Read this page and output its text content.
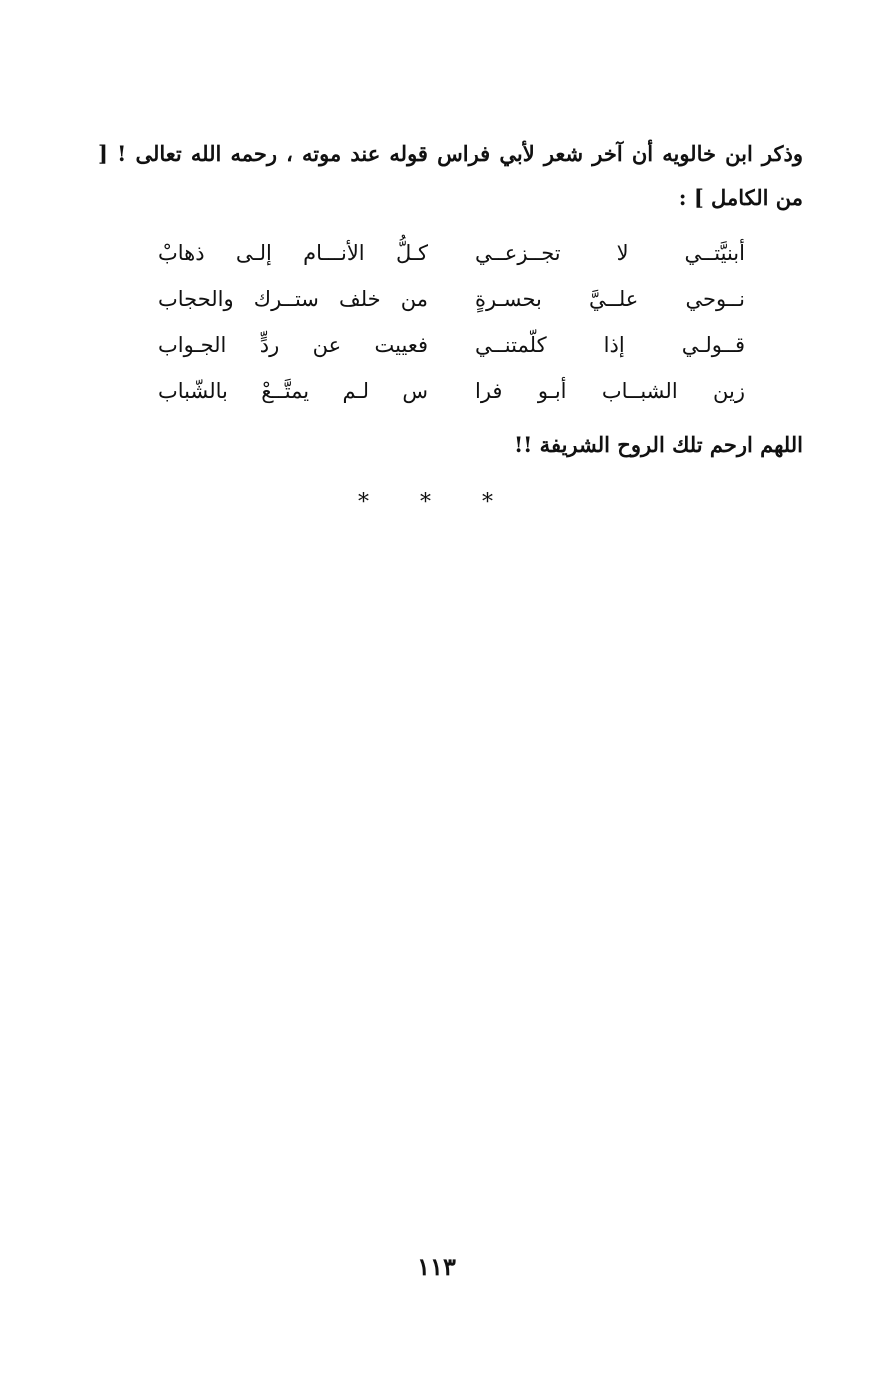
وذكر ابن خالويه أن آخر شعر لأبي فراس قوله عند موته ، رحمه الله تعالى ! [ من الكامل ] :

أبنيَّتــي لا تجــزعــي
كـلُّ الأنـــام إلـى ذهابْ
نــوحي علــيَّ بحسـرةٍ
من خلف ستــرك والحجاب
قــولـي إذا كلّمتنــي
فعييت عن ردٍّ الجـواب
زين الشبــاب أبـو فرا
س لـم يمتَّــعْ بالشّباب

اللهم ارحم تلك الروح الشريفة !!

* * *
١١٣
